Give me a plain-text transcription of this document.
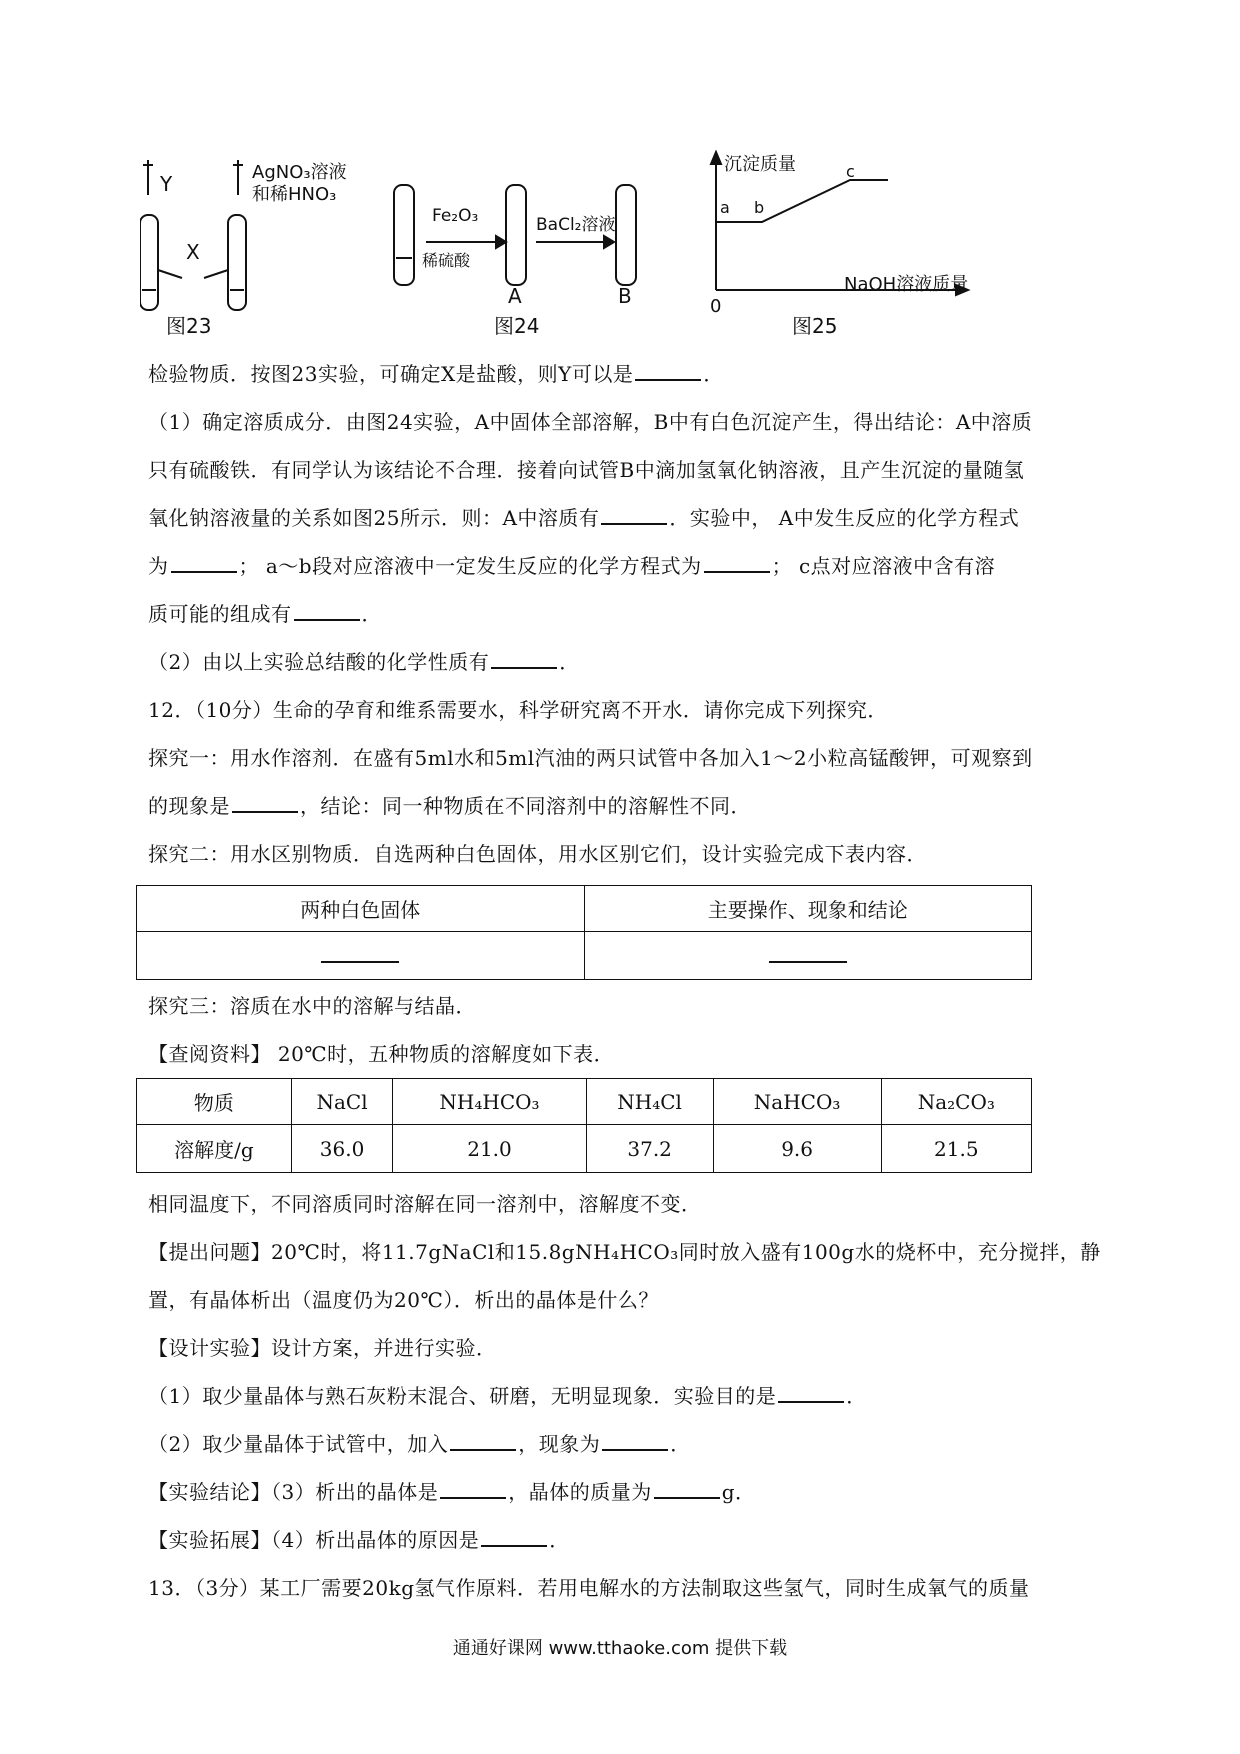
Y
X
AgNO₃溶液
和稀HNO₃
图23
Fe₂O₃
稀硫酸
BaCl₂溶液
A	B
图24
沉淀质量
NaOH溶液质量
0
a b
c
图25
检验物质．按图23实验，可确定X是盐酸，则Y可以是	．
（1）确定溶质成分．由图24实验，A中固体全部溶解，B中有白色沉淀产生，得出结论：A中溶质
只有硫酸铁．有同学认为该结论不合理．接着向试管B中滴加氢氧化钠溶液，且产生沉淀的量随氢
氧化钠溶液量的关系如图25所示．则：A中溶质有	．实验中， A中发生反应的化学方程式
为	； a～b段对应溶液中一定发生反应的化学方程式为	； c点对应溶液中含有溶
质可能的组成有	．
（2）由以上实验总结酸的化学性质有	．
12．（10分）生命的孕育和维系需要水，科学研究离不开水．请你完成下列探究．
探究一：用水作溶剂．在盛有5ml水和5ml汽油的两只试管中各加入1～2小粒高锰酸钾，可观察到
的现象是	，结论：同一种物质在不同溶剂中的溶解性不同．
探究二：用水区别物质．自选两种白色固体，用水区别它们，设计实验完成下表内容．
两种白色固体	主要操作、现象和结论

探究三：溶质在水中的溶解与结晶．
【查阅资料】 20℃时，五种物质的溶解度如下表．
物质	NaCl	NH₄HCO₃	NH₄Cl	NaHCO₃	Na₂CO₃
溶解度/g	36.0	21.0	37.2	9.6	21.5
相同温度下，不同溶质同时溶解在同一溶剂中，溶解度不变．
【提出问题】20℃时，将11.7gNaCl和15.8gNH₄HCO₃同时放入盛有100g水的烧杯中，充分搅拌，静
置，有晶体析出（温度仍为20℃）．析出的晶体是什么？
【设计实验】设计方案，并进行实验．
（1）取少量晶体与熟石灰粉末混合、研磨，无明显现象．实验目的是	．
（2）取少量晶体于试管中，加入	，现象为	．
【实验结论】（3）析出的晶体是	，晶体的质量为	g．
【实验拓展】（4）析出晶体的原因是	．
13．（3分）某工厂需要20kg氢气作原料．若用电解水的方法制取这些氢气，同时生成氧气的质量
通通好课网 www.tthaoke.com 提供下载
